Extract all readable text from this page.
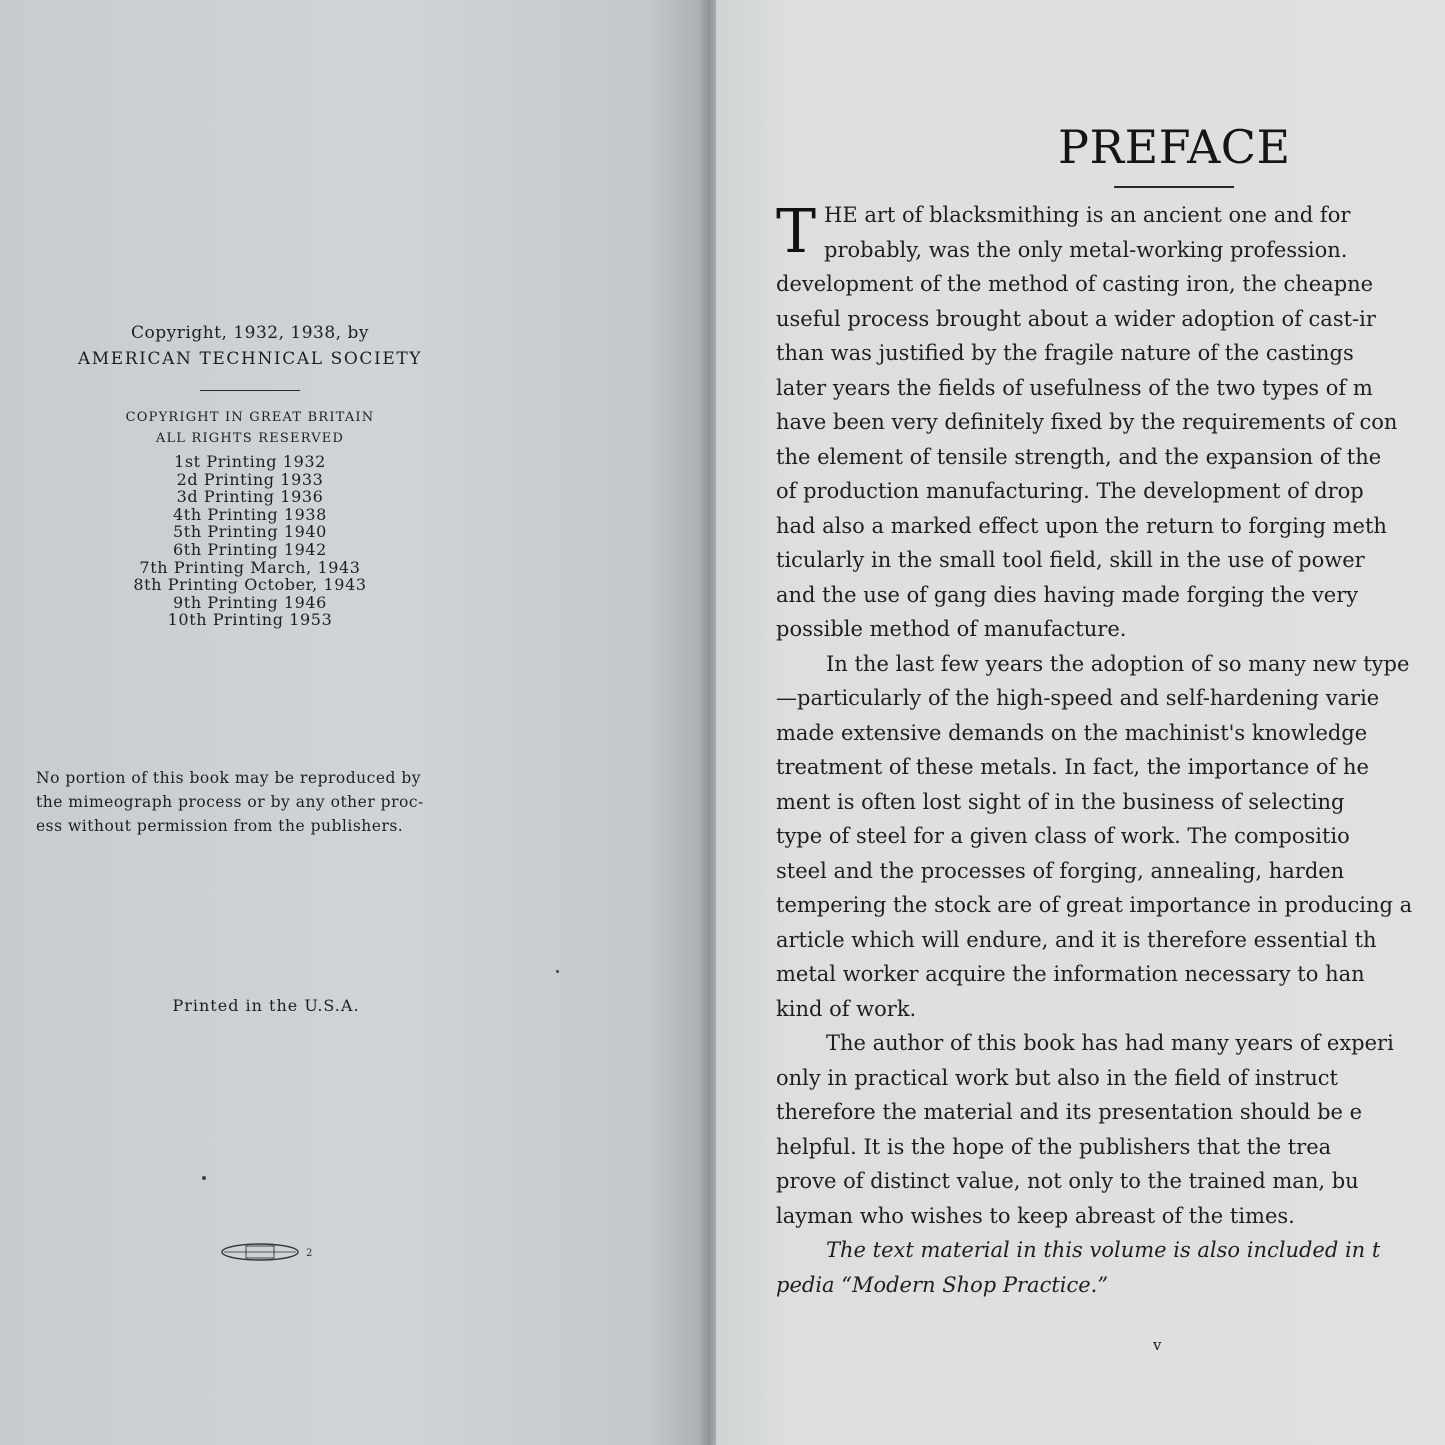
Copyright, 1932, 1938, by
AMERICAN TECHNICAL SOCIETY
COPYRIGHT IN GREAT BRITAIN
ALL RIGHTS RESERVED
1st Printing 1932
2d Printing 1933
3d Printing 1936
4th Printing 1938
5th Printing 1940
6th Printing 1942
7th Printing March, 1943
8th Printing October, 1943
9th Printing 1946
10th Printing 1953
No portion of this book may be reproduced by
the mimeograph process or by any other proc-
ess without permission from the publishers.
2
Printed in the U.S.A.
PREFACE
T HE art of blacksmithing is an ancient one and for
probably, was the only metal-working profession.
development of the method of casting iron, the cheapne
useful process brought about a wider adoption of cast-ir
than was justified by the fragile nature of the castings
later years the fields of usefulness of the two types of m
have been very definitely fixed by the requirements of con
the element of tensile strength, and the expansion of the
of production manufacturing. The development of drop
had also a marked effect upon the return to forging meth
ticularly in the small tool field, skill in the use of power
and the use of gang dies having made forging the very
possible method of manufacture.
In the last few years the adoption of so many new type
—particularly of the high-speed and self-hardening varie
made extensive demands on the machinist's knowledge
treatment of these metals. In fact, the importance of he
ment is often lost sight of in the business of selecting
type of steel for a given class of work. The compositio
steel and the processes of forging, annealing, harden
tempering the stock are of great importance in producing a
article which will endure, and it is therefore essential th
metal worker acquire the information necessary to han
kind of work.
The author of this book has had many years of experi
only in practical work but also in the field of instruct
therefore the material and its presentation should be e
helpful. It is the hope of the publishers that the trea
prove of distinct value, not only to the trained man, bu
layman who wishes to keep abreast of the times.
The text material in this volume is also included in t
pedia “Modern Shop Practice.”
v
